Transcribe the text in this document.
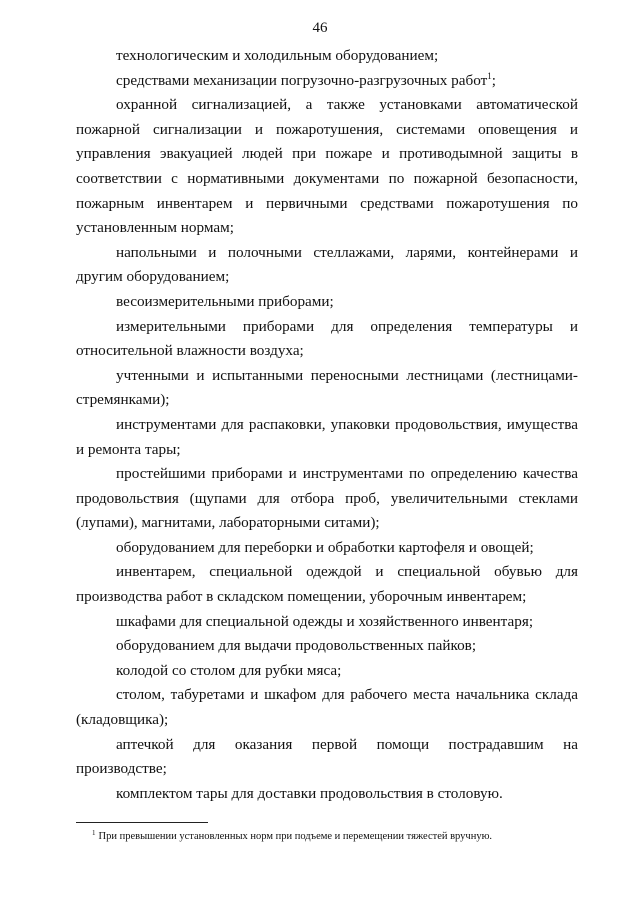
46

технологическим и холодильным оборудованием;

средствами механизации погрузочно-разгрузочных работ$^1$;

охранной сигнализацией, а также установками автоматической пожарной сигнализации и пожаротушения, системами оповещения и управления эвакуацией людей при пожаре и противодымной защиты в соответствии с нормативными документами по пожарной безопасности, пожарным инвентарем и первичными средствами пожаротушения по установленным нормам;

напольными и полочными стеллажами, ларями, контейнерами и другим оборудованием;

весоизмерительными приборами;

измерительными приборами для определения температуры и относительной влажности воздуха;

учтенными и испытанными переносными лестницами (лестницами-стремянками);

инструментами для распаковки, упаковки продовольствия, имущества и ремонта тары;

простейшими приборами и инструментами по определению качества продовольствия (щупами для отбора проб, увеличительными стеклами (лупами), магнитами, лабораторными ситами);

оборудованием для переборки и обработки картофеля и овощей;

инвентарем, специальной одеждой и специальной обувью для производства работ в складском помещении, уборочным инвентарем;

шкафами для специальной одежды и хозяйственного инвентаря;

оборудованием для выдачи продовольственных пайков;

колодой со столом для рубки мяса;

столом, табуретами и шкафом для рабочего места начальника склада (кладовщика);

аптечкой для оказания первой помощи пострадавшим на производстве;

комплектом тары для доставки продовольствия в столовую.

$^1$ При превышении установленных норм при подъеме и перемещении тяжестей вручную.
